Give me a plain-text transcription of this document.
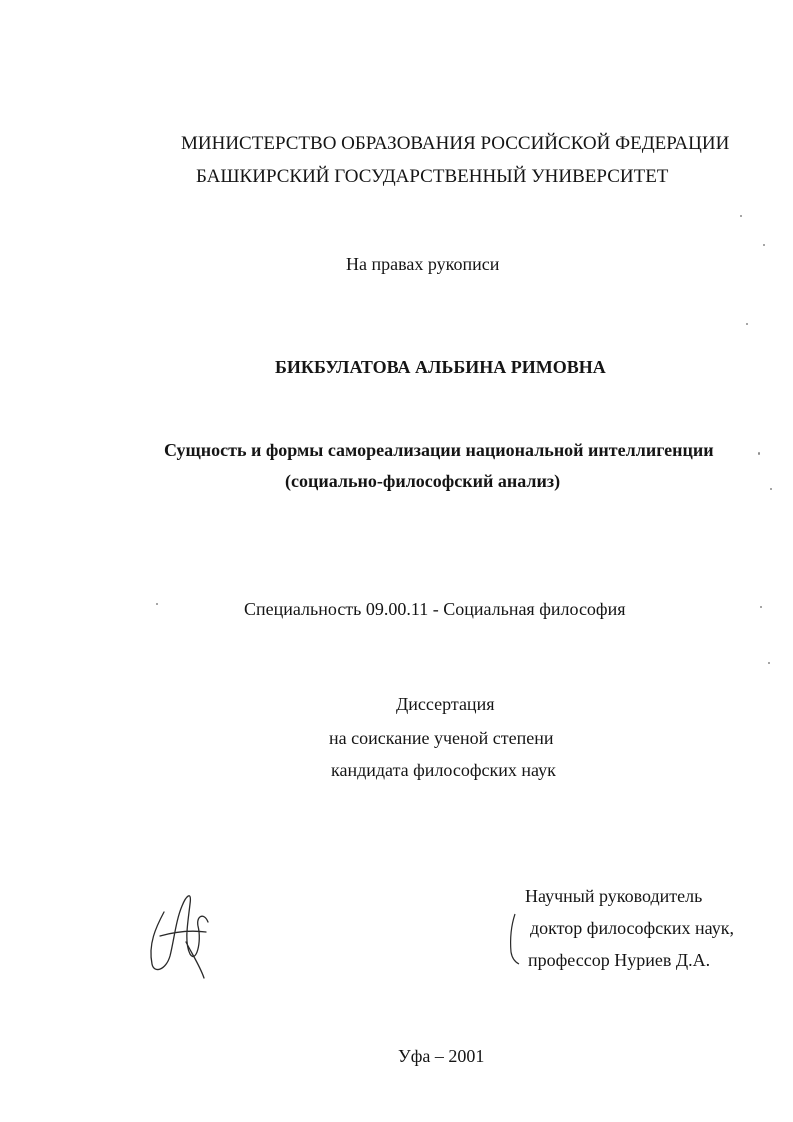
МИНИСТЕРСТВО ОБРАЗОВАНИЯ РОССИЙСКОЙ ФЕДЕРАЦИИ
БАШКИРСКИЙ ГОСУДАРСТВЕННЫЙ УНИВЕРСИТЕТ
На правах рукописи
БИКБУЛАТОВА АЛЬБИНА РИМОВНА
Сущность и формы самореализации национальной интеллигенции
(социально-философский анализ)
Специальность 09.00.11 - Социальная философия
Диссертация
на соискание ученой степени
кандидата философских наук
Научный руководитель
доктор философских наук,
профессор Нуриев Д.А.
Уфа – 2001
